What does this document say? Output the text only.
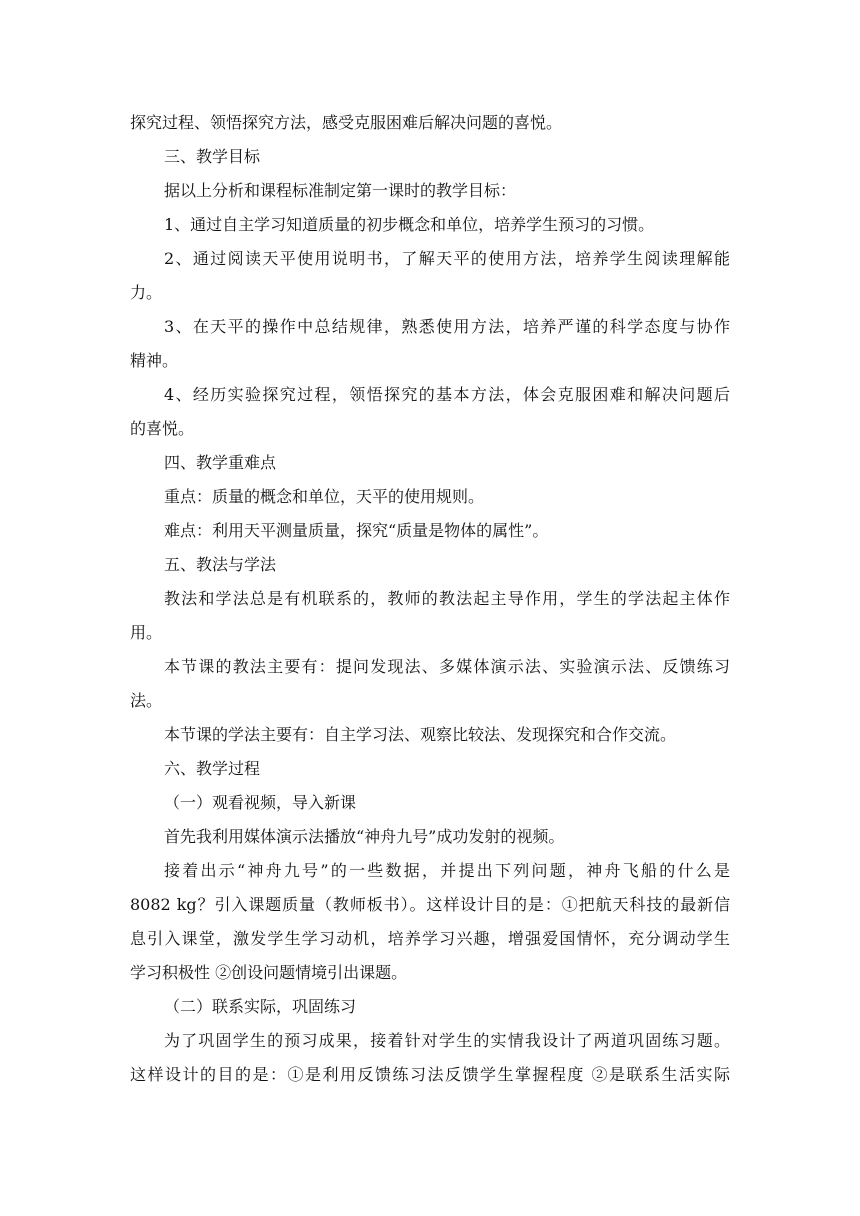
探究过程、领悟探究方法，感受克服困难后解决问题的喜悦。

三、教学目标

据以上分析和课程标准制定第一课时的教学目标：

1、通过自主学习知道质量的初步概念和单位，培养学生预习的习惯。

2、通过阅读天平使用说明书，了解天平的使用方法，培养学生阅读理解能

力。

3、在天平的操作中总结规律，熟悉使用方法，培养严谨的科学态度与协作

精神。

4、经历实验探究过程，领悟探究的基本方法，体会克服困难和解决问题后

的喜悦。

四、教学重难点

重点：质量的概念和单位，天平的使用规则。

难点：利用天平测量质量，探究“质量是物体的属性”。

五、教法与学法

教法和学法总是有机联系的，教师的教法起主导作用，学生的学法起主体作

用。

本节课的教法主要有：提问发现法、多媒体演示法、实验演示法、反馈练习

法。

本节课的学法主要有：自主学习法、观察比较法、发现探究和合作交流。

六、教学过程

（一）观看视频，导入新课

首先我利用媒体演示法播放“神舟九号”成功发射的视频。

接着出示“神舟九号”的一些数据，并提出下列问题，神舟飞船的什么是

8082 kg？引入课题质量（教师板书）。这样设计目的是：①把航天科技的最新信

息引入课堂，激发学生学习动机，培养学习兴趣，增强爱国情怀，充分调动学生

学习积极性 ②创设问题情境引出课题。

（二）联系实际，巩固练习

为了巩固学生的预习成果，接着针对学生的实情我设计了两道巩固练习题。

这样设计的目的是：①是利用反馈练习法反馈学生掌握程度 ②是联系生活实际
